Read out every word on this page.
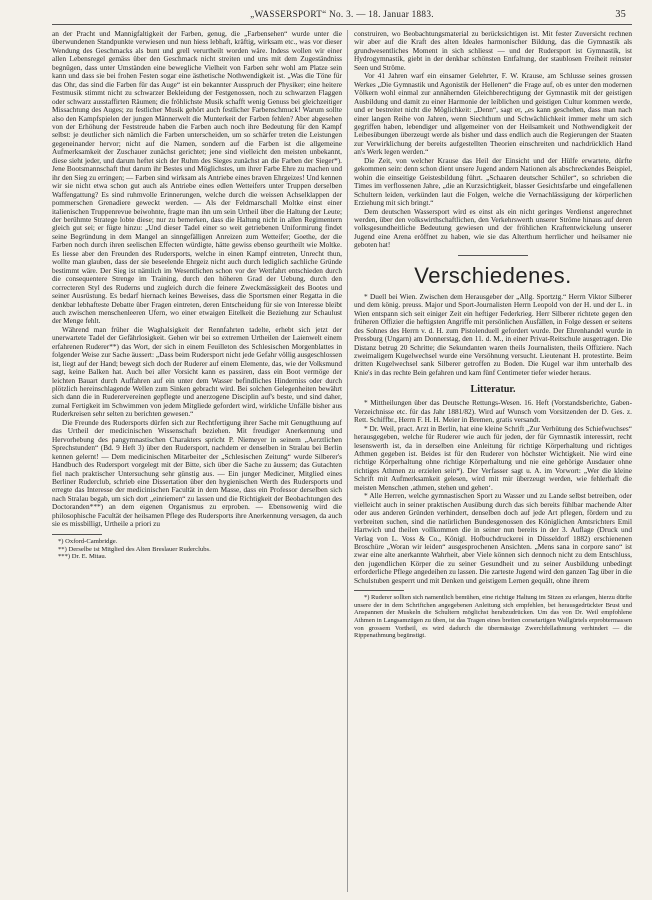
„WASSERSPORT“ No. 3. — 18. Januar 1883.	35

an der Pracht und Mannigfaltigkeit der Farben, genug, die „Farbensehen“ wurde unter die überwundenen Standpunkte verwiesen und nun hiess lebhaft, kräftig, wirksam etc., was vor dieser Wendung des Geschmacks als bunt und grell verurtheilt worden wäre. Indess wollen wir einer allen Lebensregel gemäss über den Geschmack nicht streiten und uns mit dem Zugeständniss begnügen, dass unter Umständen eine bewegliche Vielheit von Farben sehr wohl am Platze sein kann und dass sie bei frohen Festen sogar eine ästhetische Nothwendigkeit ist. „Was die Töne für das Ohr, das sind die Farben für das Auge“ ist ein bekannter Ausspruch der Physiker; eine heitere Festmusik stimmt nicht zu schwarzer Bekleidung der Festgenossen, noch zu schwarzen Flaggen oder schwarz ausstaffirten Räumen; die fröhlichste Musik schafft wenig Genuss bei gleichzeitiger Missachtung des Auges; zu festlicher Musik gehört auch festlicher Farbenschmuck! Warum sollte also den Kampfspielen der jungen Männerwelt die Munterkeit der Farben fehlen? Aber abgesehen von der Erhöhung der Feststreude haben die Farben auch noch ihre Bedeutung für den Kampf selbst: je deutlicher sich nämlich die Farben unterscheiden, um so schärfer treten die Leistungen gegeneinander hervor; nicht auf die Namen, sondern auf die Farben ist die allgemeine Aufmerksamkeit der Zuschauer zunächst gerichtet; jene sind vielleicht den meisten unbekannt, diese sieht jeder, und darum heftet sich der Ruhm des Sieges zunächst an die Farben der Sieger*). Jene Bootsmannschaft thut darum ihr Bestes und Möglichstes, um ihrer Farbe Ehre zu machen und ihr den Sieg zu erringen; — Farben sind wirksam als Antriebe eines braven Ehrgeizes! Und kennen wir sie nicht etwa schon gut auch als Antriebe eines edlen Wetteifers unter Truppen derselben Waffengattung? Es sind ruhmvolle Erinnerungen, welche durch die weissen Achselklappen der pommerschen Grenadiere geweckt werden. — Als der Feldmarschall Moltke einst einer italienischen Truppenrevue beiwohnte, fragte man ihn um sein Urtheil über die Haltung der Leute; der berühmte Stratege lobte diese; nur zu bemerken, dass die Haltung nicht in allen Regimentern gleich gut sei; er fügte hinzu: „Und dieser Tadel einer so weit getriebenen Uniformirung findet seine Begründung in dem Mangel an sinngefälligen Anreizen zum Wetteifer; Goethe, der die Farben noch durch ihren seelischen Effecten würdigte, hätte gewiss ebenso geurtheilt wie Moltke. Es liesse aber den Freunden des Rudersports, welche in einen Kampf eintreten, Unrecht thun, wollte man glauben, dass der sie beseelende Ehrgeiz nicht auch durch lediglich sachliche Gründe bestimmt wäre. Der Sieg ist nämlich im Wesentlichen schon vor der Wettfahrt entschieden durch die consequentere Strenge im Training, durch den höheren Grad der Uebung, durch den correcteren Styl des Ruderns und zugleich durch die feinere Zweckmässigkeit des Bootes und seiner Ausrüstung. Es bedarf hiernach keines Beweises, dass die Sportsmen einer Regatta in die denkbar lebhafteste Debatte über Fragen eintreten, deren Entscheidung für sie von Interesse bleibt auch zwischen menschenleeren Ufern, wo einer etwaigen Eitelkeit die Beziehung zur Schaulust der Menge fehlt.

Während man früher die Waghalsigkeit der Rennfahrten tadelte, erhebt sich jetzt der unerwartete Tadel der Gefährlosigkeit. Gehen wir bei so extremen Urtheilen der Laienwelt einem erfahrenen Ruderer**) das Wort, der sich in einem Feuilleton des Schlesischen Morgenblattes in folgender Weise zur Sache äussert: „Dass beim Rudersport nicht jede Gefahr völlig ausgeschlossen ist, liegt auf der Hand; bewegt sich doch der Ruderer auf einem Elemente, das, wie der Volksmund sagt, keine Balken hat. Auch bei aller Vorsicht kann es passiren, dass ein Boot vermöge der leichten Bauart durch Auffahren auf ein unter dem Wasser befindliches Hinderniss oder durch plötzlich hereinschlagende Wellen zum Sinken gebracht wird. Bei solchen Gelegenheiten bewährt sich dann die in Ruderervereinen gepflegte und anerzogene Disciplin auf's beste, und sind daher, zumal Fertigkeit im Schwimmen von jedem Mitgliede gefordert wird, wirkliche Unfälle bisher aus Ruderkreisen sehr selten zu berichten gewesen.“

Die Freunde des Rudersports dürfen sich zur Rechtfertigung ihrer Sache mit Genugthuung auf das Urtheil der medicinischen Wissenschaft beziehen. Mit freudiger Anerkennung und Hervorhebung des pangymnastischen Charakters spricht P. Niemeyer in seinem „Aerztlichen Sprechstunden“ (Bd. 9 Heft 3) über den Rudersport, nachdem er denselben in Stralau bei Berlin kennen gelernt! — Dem medicinischen Mitarbeiter der „Schlesischen Zeitung“ wurde Silberer's Handbuch des Rudersport vorgelegt mit der Bitte, sich über die Sache zu äussern; das Gutachten fiel nach praktischer Untersuchung sehr günstig aus. — Ein junger Mediciner, Mitglied eines Berliner Ruderclub, schrieb eine Dissertation über den hygienischen Werth des Rudersports und erregte das Interesse der medicinischen Facultät in dem Masse, dass ein Professor derselben sich nach Stralau begab, um sich dort „einriemen“ zu lassen und die Richtigkeit der Beobachtungen des Doctoranden***) an dem eigenen Organismus zu erproben. — Ebensowenig wird die philosophische Facultät der heilsamen Pflege des Rudersports ihre Anerkennung versagen, da auch sie es missbilligt, Urtheile a priori zu

*) Oxford-Cambridge.

**) Derselbe ist Mitglied des Alten Breslauer Ruderclubs.

***) Dr. E. Mitau.

construiren, wo Beobachtungsmaterial zu berücksichtigen ist. Mit fester Zuversicht rechnen wir aber auf die Kraft des alten Ideales harmonischer Bildung, das die Gymnastik als grundwesentliches Moment in sich schliesst — und der Rudersport ist Gymnastik, ist Hydrogymnastik, giebt in der denkbar schönsten Entfaltung, der staublosen Freiheit reinster Seen und Ströme.

Vor 41 Jahren warf ein einsamer Gelehrter, F. W. Krause, am Schlusse seines grossen Werkes „Die Gymnastik und Agonistik der Hellenen“ die Frage auf, ob es unter den modernen Völkern wohl einmal zur annähernden Gleichberechtigung der Gymnastik mit der geistigen Ausbildung und damit zu einer Harmonie der leiblichen und geistigen Cultur kommen werde, und er bestreitet nicht die Möglichkeit: „Denn“, sagt er, „es kann geschehen, dass man nach einer langen Reihe von Jahren, wenn Siechthum und Schwächlichkeit immer mehr um sich gegriffen haben, lebendiger und allgemeiner von der Heilsamkeit und Nothwendigkeit der Leibesübungen überzeugt werde als bisher und dass endlich auch die Regierungen der Staaten zur Verwirklichung der bereits aufgestellten Theorien einschreiten und nachdrücklich Hand an's Werk legen werden.“

Die Zeit, von welcher Krause das Heil der Einsicht und der Hülfe erwartete, dürfte gekommen sein: denn schon dient unsere Jugend andern Nationen als abschreckendes Beispiel, wohin die einseitige Geistesbildung führt. „Schaaren deutscher Schüler“, so schrieben die Times im verflossenen Jahre, „die an Kurzsichtigkeit, blasser Gesichtsfarbe und eingefallenen Schultern leiden, verkünden laut die Folgen, welche die Vernachlässigung der körperlichen Erziehung mit sich bringt.“

Dem deutschen Wassersport wird es einst als ein nicht geringes Verdienst angerechnet werden, über den volkswirthschaftlichen, den Verkehrswerth unserer Ströme hinaus auf deren volksgesundheitliche Bedeutung gewiesen und der fröhlichen Kraftentwickelung unserer Jugend eine Arena eröffnet zu haben, wie sie das Alterthum herrlicher und heilsamer nie geboten hat!

Verschiedenes.

* Duell bei Wien. Zwischen dem Herausgeber der „Allg. Sportztg.“ Herrn Viktor Silberer und dem könig. preuss. Major und Sport-Journalisten Herrn Leopold von der H. und der L. in Wien entspann sich seit einiger Zeit ein heftiger Federkrieg. Herr Silberer richtete gegen den früheren Offizier die heftigsten Angriffe mit persönlichen Ausfällen, in Folge dessen er seitens des Sohnes des Herrn v. d. H. zum Pistolenduell gefordert wurde. Der Ehrenhandel wurde in Pressburg (Ungarn) am Donnerstag, den 11. d. M., in einer Privat-Reitschule ausgetragen. Die Distanz betrug 20 Schritte; die Sekundanten waren theils Journalisten, theils Offiziere. Nach zweimaligem Kugelwechsel wurde eine Versöhnung versucht. Lieutenant H. protestirte. Beim dritten Kugelwechsel sank Silberer getroffen zu Boden. Die Kugel war ihm unterhalb des Knie's in das rechte Bein gefahren und kam fünf Centimeter tiefer wieder heraus.

Litteratur.

* Mittheilungen über das Deutsche Rettungs-Wesen. 16. Heft (Vorstandsberichte, Gaben-Verzeichnisse etc. für das Jahr 1881/82). Wird auf Wunsch vom Vorsitzenden der D. Ges. z. Rett. Schiffbr., Herrn F. H. H. Meier in Bremen, gratis versandt.

* Dr. Weil, pract. Arzt in Berlin, hat eine kleine Schrift „Zur Verhütung des Schiefwuchses“ herausgegeben, welche für Ruderer wie auch für jeden, der für Gymnastik interessirt, recht lesenswerth ist, da in derselben eine Anleitung für richtige Körperhaltung und richtiges Athmen gegeben ist. Beides ist für den Ruderer von höchster Wichtigkeit. Nie wird eine richtige Körperhaltung ohne richtige Körperhaltung und nie eine gehörige Ausdauer ohne richtiges Athmen zu erzielen sein*). Der Verfasser sagt u. A. im Vorwort: „Wer die kleine Schrift mit Aufmerksamkeit gelesen, wird mit mir überzeugt werden, wie fehlerhaft die meisten Menschen ‚athmen, stehen und gehen‘.

* Alle Herren, welche gymnastischen Sport zu Wasser und zu Lande selbst betreiben, oder vielleicht auch in seiner praktischen Ausübung durch das sich bereits fühlbar machende Alter oder aus anderen Gründen verhindert, denselben doch auf jede Art pflegen, fördern und zu verbreiten suchen, sind die natürlichen Bundesgenossen des Königlichen Amtsrichters Emil Hartwich und theilen vollkommen die in seiner nun bereits in der 3. Auflage (Druck und Verlag von L. Voss & Co., Königl. Hofbuchdruckerei in Düsseldorf 1882) erschienenen Broschüre „Woran wir leiden“ ausgesprochenen Ansichten. „Mens sana in corpore sano“ ist zwar eine alte anerkannte Wahrheit, aber Viele können sich dennoch nicht zu dem Entschluss, den jugendlichen Körper die zu seiner Gesundheit und zu seiner Ausbildung unbedingt erforderliche Pflege angedeihen zu lassen. Die zarteste Jugend wird den ganzen Tag über in die Schulstuben gesperrt und mit Denken und geistigem Lernen gequält, ohne ihrem

*) Ruderer sollten sich namentlich bemühen, eine richtige Haltung im Sitzen zu erlangen, hierzu dürfte unsere der in dem Schriftchen angegebenen Anleitung sich empfehlen, bei herausgedrückter Brust und Anspannen der Muskeln die Schultern möglichst herabzudrücken. Um das von Dr. Weil empfohlene Athmen in Langsamzügen zu üben, ist das Tragen eines breiten corsetartigen Wallgürtels erprobtermassen von grossem Vortheil, es wird dadurch die übermässige Zwerchfellathmung verhindert — die Rippenathmung begünstigt.
